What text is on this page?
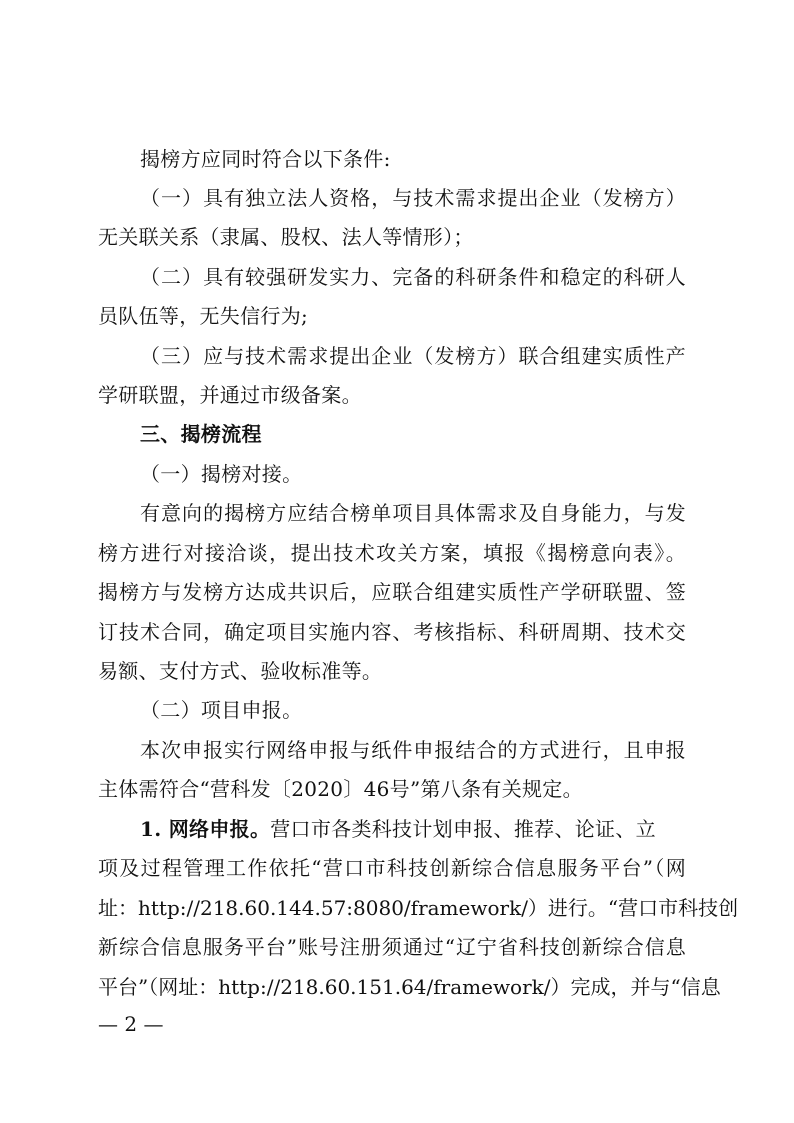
揭榜方应同时符合以下条件:
（一）具有独立法人资格，与技术需求提出企业（发榜方）
无关联关系（隶属、股权、法人等情形）；
（二）具有较强研发实力、完备的科研条件和稳定的科研人
员队伍等，无失信行为;
（三）应与技术需求提出企业（发榜方）联合组建实质性产
学研联盟，并通过市级备案。
三、揭榜流程
（一）揭榜对接。
有意向的揭榜方应结合榜单项目具体需求及自身能力，与发
榜方进行对接洽谈，提出技术攻关方案，填报《揭榜意向表》。
揭榜方与发榜方达成共识后，应联合组建实质性产学研联盟、签
订技术合同，确定项目实施内容、考核指标、科研周期、技术交
易额、支付方式、验收标准等。
（二）项目申报。
本次申报实行网络申报与纸件申报结合的方式进行，且申报
主体需符合“营科发〔2020〕46号”第八条有关规定。
1. 网络申报。营口市各类科技计划申报、推荐、论证、立
项及过程管理工作依托“营口市科技创新综合信息服务平台”（网
址：http://218.60.144.57:8080/framework/）进行。“营口市科技创
新综合信息服务平台”账号注册须通过“辽宁省科技创新综合信息
平台”（网址：http://218.60.151.64/framework/）完成，并与“信息
— 2 —
